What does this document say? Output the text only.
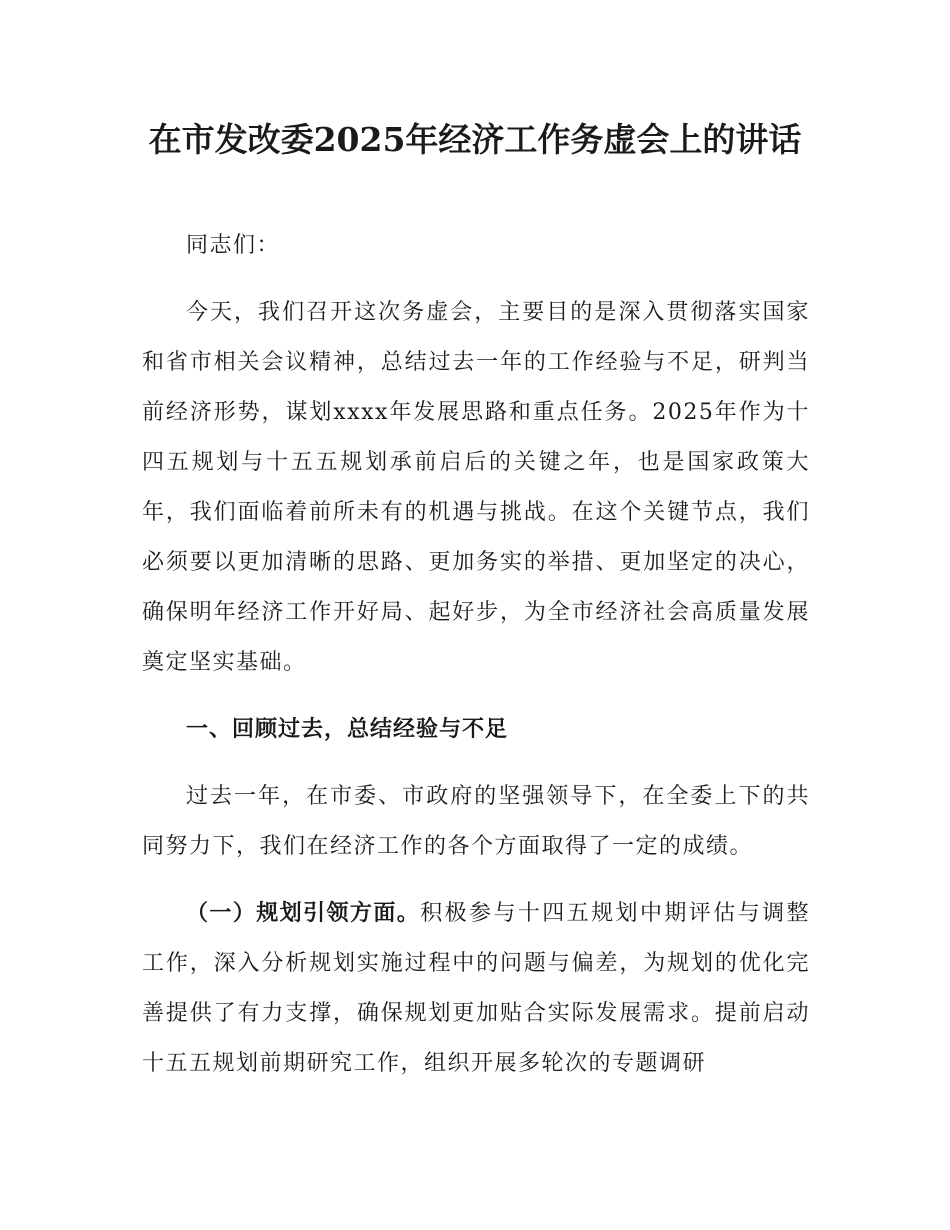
在市发改委2025年经济工作务虚会上的讲话

同志们：

今天，我们召开这次务虚会，主要目的是深入贯彻落实国家和省市相关会议精神，总结过去一年的工作经验与不足，研判当前经济形势，谋划xxxx年发展思路和重点任务。2025年作为十四五规划与十五五规划承前启后的关键之年，也是国家政策大年，我们面临着前所未有的机遇与挑战。在这个关键节点，我们必须要以更加清晰的思路、更加务实的举措、更加坚定的决心，确保明年经济工作开好局、起好步，为全市经济社会高质量发展奠定坚实基础。

一、回顾过去，总结经验与不足

过去一年，在市委、市政府的坚强领导下，在全委上下的共同努力下，我们在经济工作的各个方面取得了一定的成绩。

（一）规划引领方面。积极参与十四五规划中期评估与调整工作，深入分析规划实施过程中的问题与偏差，为规划的优化完善提供了有力支撑，确保规划更加贴合实际发展需求。提前启动十五五规划前期研究工作，组织开展多轮次的专题调研
